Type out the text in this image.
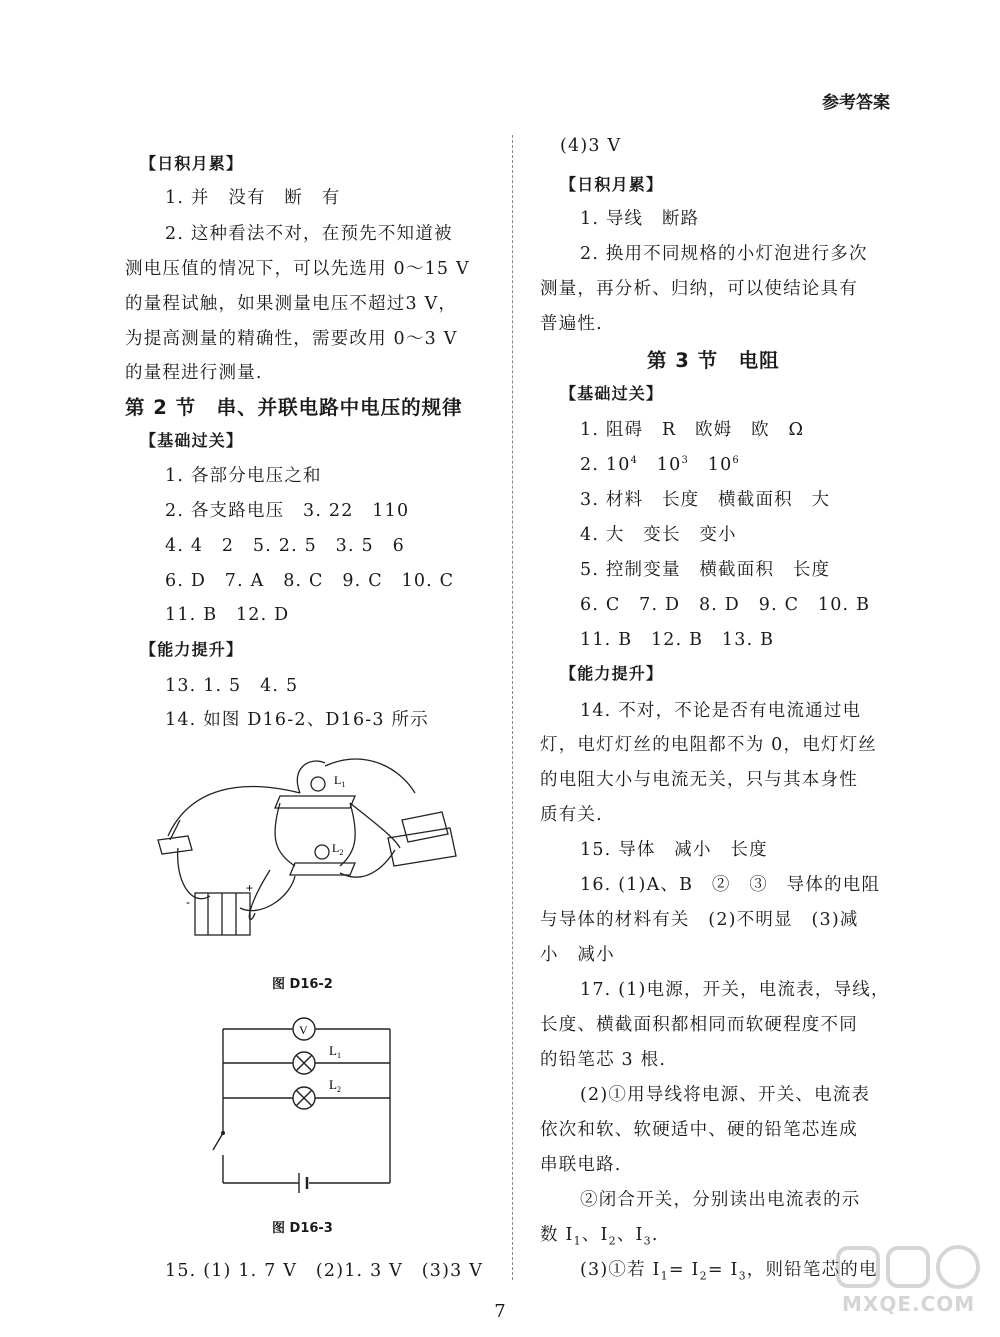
参考答案
【日积月累】
1. 并　没有　断　有
2. 这种看法不对，在预先不知道被
测电压值的情况下，可以先选用 0～15 V
的量程试触，如果测量电压不超过3 V，
为提高测量的精确性，需要改用 0～3 V
的量程进行测量.
第 2 节　串、并联电路中电压的规律
【基础过关】
1. 各部分电压之和
2. 各支路电压　3. 22　110
4. 4　2　5. 2. 5　3. 5　6
6. D　7. A　8. C　9. C　10. C
11. B　12. D
【能力提升】
13. 1. 5　4. 5
14. 如图 D16-2、D16-3 所示
15. (1) 1. 7 V　(2)1. 3 V　(3)3 V
$L_1$
$L_2$
-
+
图 D16-2
V
$L_1$
$L_2$
图 D16-3
(4)3 V
【日积月累】
1. 导线　断路
2. 换用不同规格的小灯泡进行多次
测量，再分析、归纳，可以使结论具有
普遍性.
第 3 节　电阻
【基础过关】
1. 阻碍　R　欧姆　欧　Ω
2. $10^4$　$10^3$　$10^6$
3. 材料　长度　横截面积　大
4. 大　变长　变小
5. 控制变量　横截面积　长度
6. C　7. D　8. D　9. C　10. B
11. B　12. B　13. B
【能力提升】
14. 不对，不论是否有电流通过电
灯，电灯灯丝的电阻都不为 0，电灯灯丝
的电阻大小与电流无关，只与其本身性
质有关.
15. 导体　减小　长度
16. (1)A、B　②　③　导体的电阻
与导体的材料有关　(2)不明显　(3)减
小　减小
17. (1)电源，开关，电流表，导线，
长度、横截面积都相同而软硬程度不同
的铅笔芯 3 根.
(2)①用导线将电源、开关、电流表
依次和软、软硬适中、硬的铅笔芯连成
串联电路.
②闭合开关，分别读出电流表的示
数 $I_1$、$I_2$、$I_3$.
(3)①若 $I_1= I_2= I_3$，则铅笔芯的电
MXQE.COM
7
